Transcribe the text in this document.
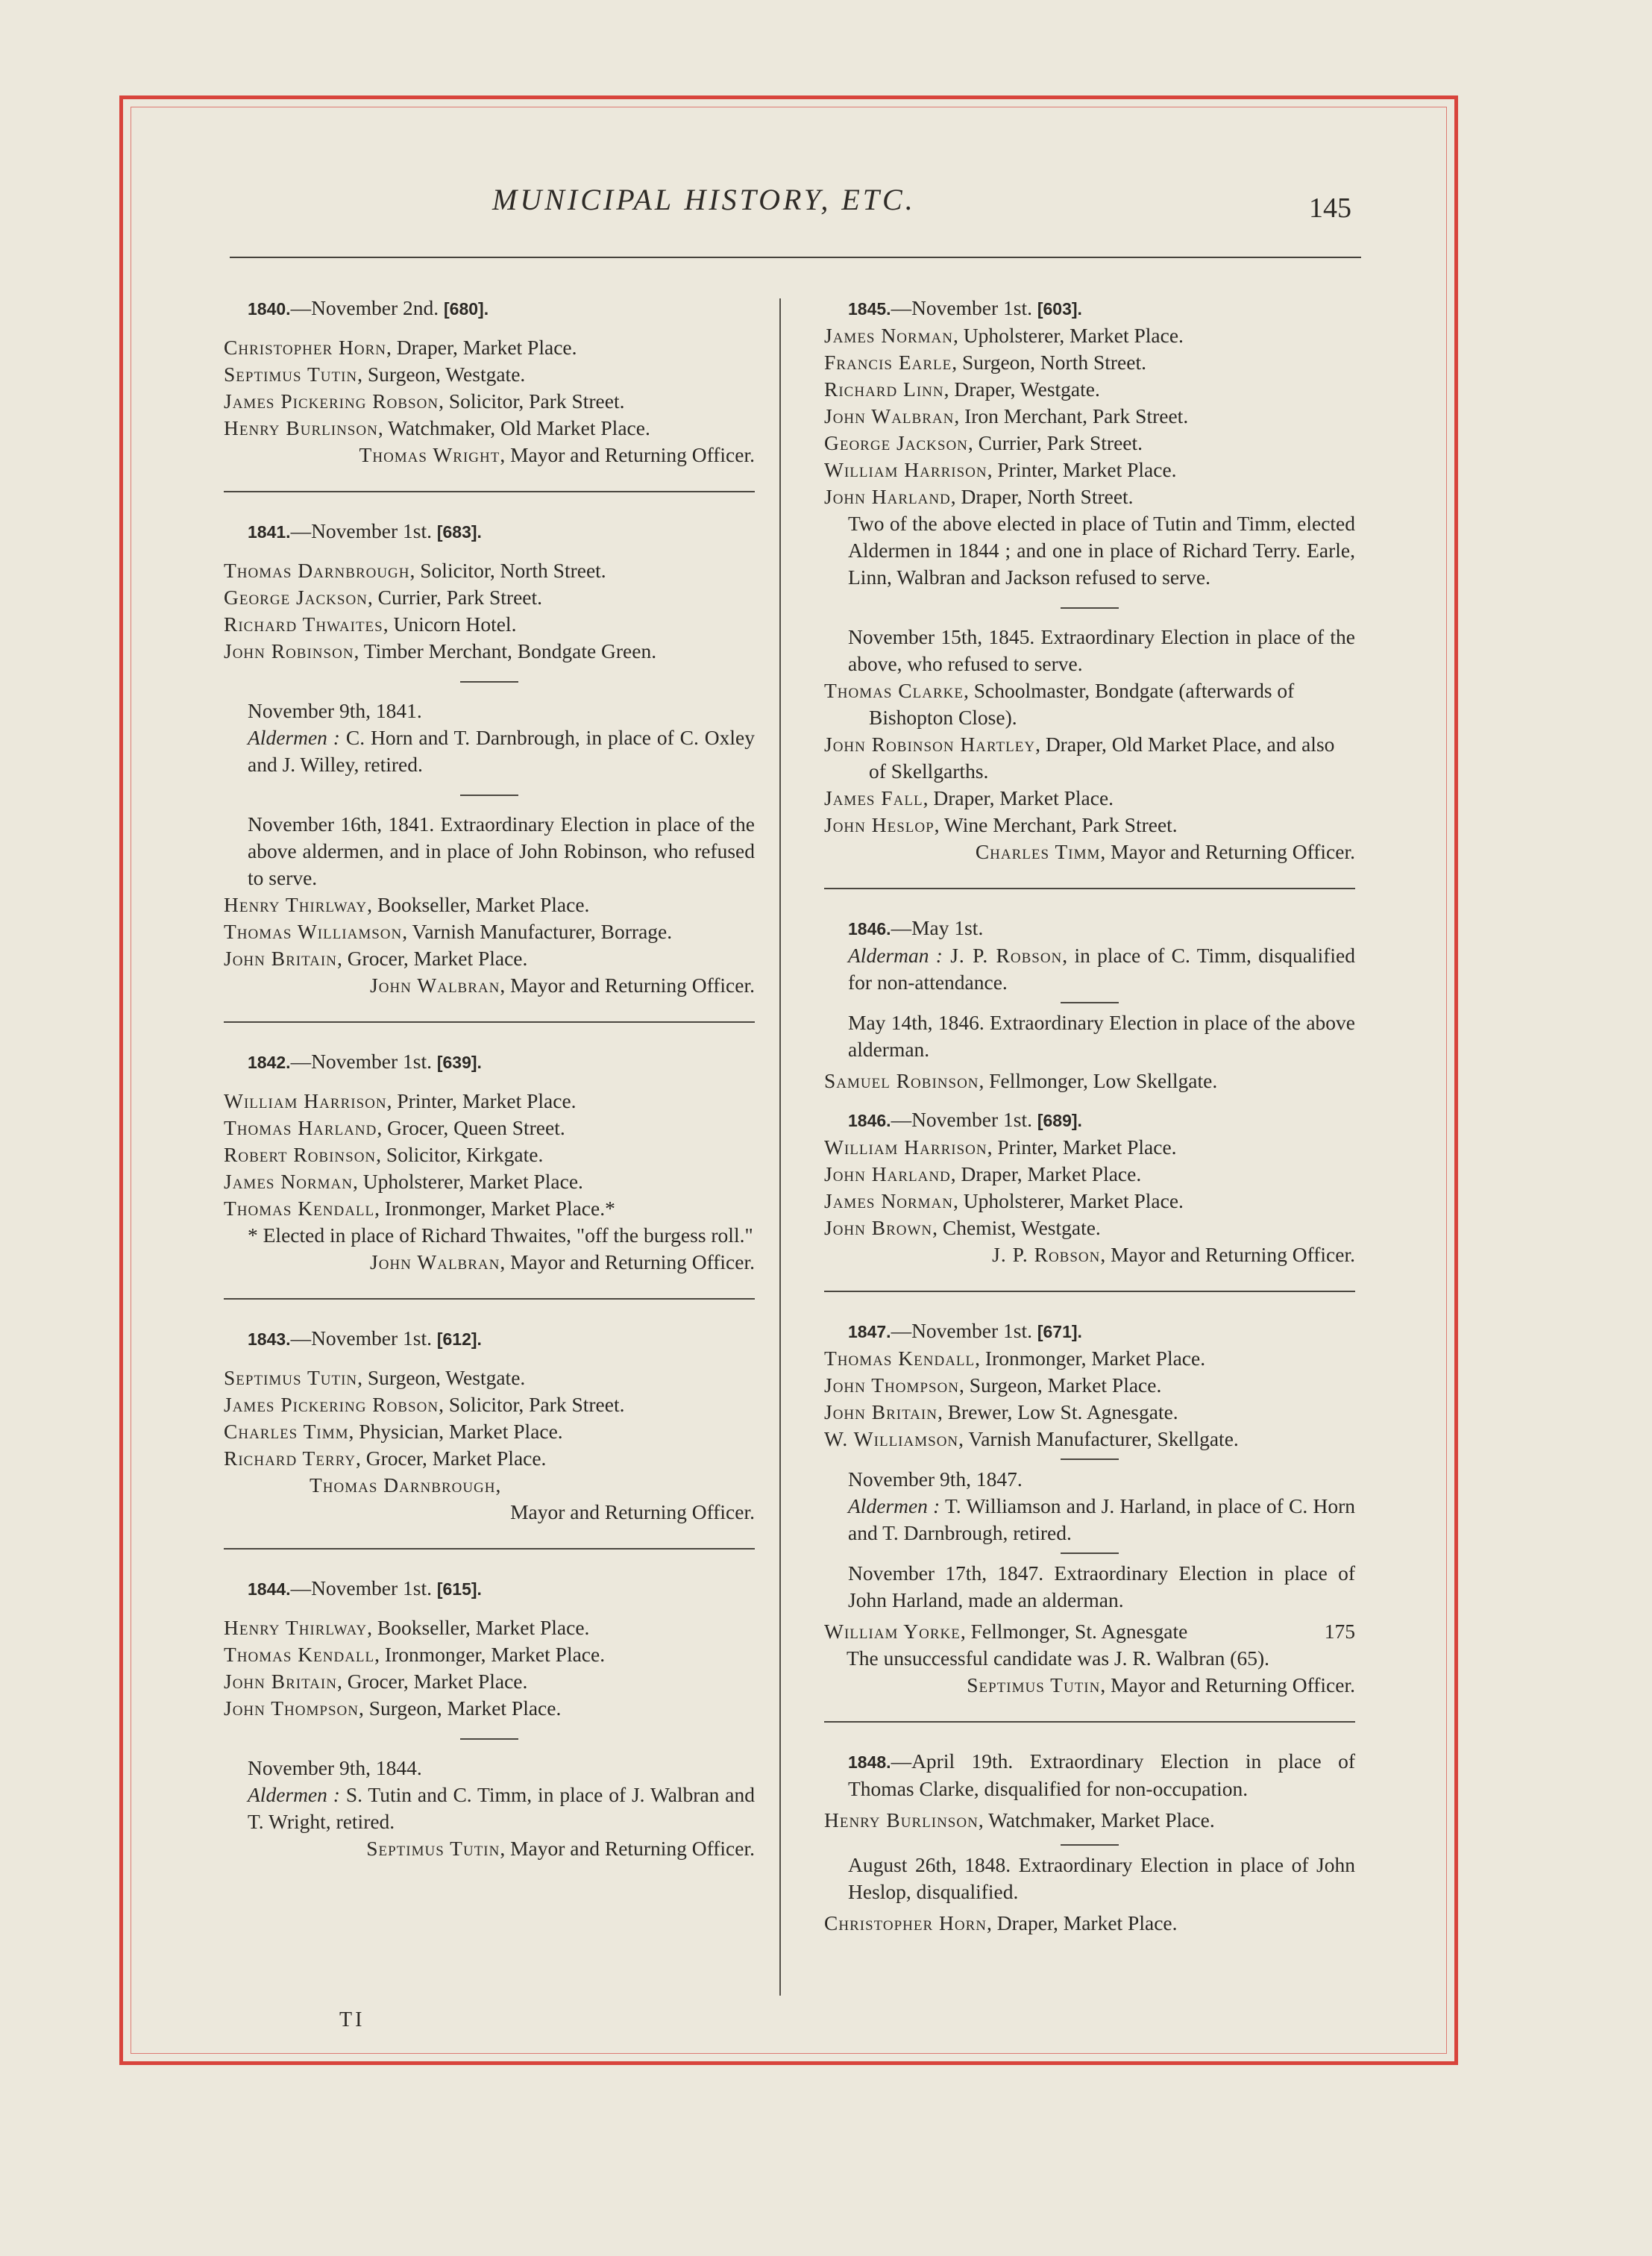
MUNICIPAL HISTORY, ETC.	145

1840.—November 2nd. [680].

Christopher Horn, Draper, Market Place.

Septimus Tutin, Surgeon, Westgate.

James Pickering Robson, Solicitor, Park Street.

Henry Burlinson, Watchmaker, Old Market Place.

Thomas Wright, Mayor and Returning Officer.

1841.—November 1st. [683].

Thomas Darnbrough, Solicitor, North Street.

George Jackson, Currier, Park Street.

Richard Thwaites, Unicorn Hotel.

John Robinson, Timber Merchant, Bondgate Green.

November 9th, 1841.

Aldermen : C. Horn and T. Darnbrough, in place of C. Oxley and J. Willey, retired.

November 16th, 1841. Extraordinary Election in place of the above aldermen, and in place of John Robinson, who refused to serve.

Henry Thirlway, Bookseller, Market Place.

Thomas Williamson, Varnish Manufacturer, Borrage.

John Britain, Grocer, Market Place.

John Walbran, Mayor and Returning Officer.

1842.—November 1st. [639].

William Harrison, Printer, Market Place.

Thomas Harland, Grocer, Queen Street.

Robert Robinson, Solicitor, Kirkgate.

James Norman, Upholsterer, Market Place.

Thomas Kendall, Ironmonger, Market Place.*

* Elected in place of Richard Thwaites, "off the burgess roll."

John Walbran, Mayor and Returning Officer.

1843.—November 1st. [612].

Septimus Tutin, Surgeon, Westgate.

James Pickering Robson, Solicitor, Park Street.

Charles Timm, Physician, Market Place.

Richard Terry, Grocer, Market Place.

Thomas Darnbrough,

Mayor and Returning Officer.

1844.—November 1st. [615].

Henry Thirlway, Bookseller, Market Place.

Thomas Kendall, Ironmonger, Market Place.

John Britain, Grocer, Market Place.

John Thompson, Surgeon, Market Place.

November 9th, 1844.

Aldermen : S. Tutin and C. Timm, in place of J. Walbran and T. Wright, retired.

Septimus Tutin, Mayor and Returning Officer.

1845.—November 1st. [603].

James Norman, Upholsterer, Market Place.

Francis Earle, Surgeon, North Street.

Richard Linn, Draper, Westgate.

John Walbran, Iron Merchant, Park Street.

George Jackson, Currier, Park Street.

William Harrison, Printer, Market Place.

John Harland, Draper, North Street.

Two of the above elected in place of Tutin and Timm, elected Aldermen in 1844 ; and one in place of Richard Terry. Earle, Linn, Walbran and Jackson refused to serve.

November 15th, 1845. Extraordinary Election in place of the above, who refused to serve.

Thomas Clarke, Schoolmaster, Bondgate (afterwards of Bishopton Close).

John Robinson Hartley, Draper, Old Market Place, and also of Skellgarths.

James Fall, Draper, Market Place.

John Heslop, Wine Merchant, Park Street.

Charles Timm, Mayor and Returning Officer.

1846.—May 1st.

Alderman : J. P. Robson, in place of C. Timm, disqualified for non-attendance.

May 14th, 1846. Extraordinary Election in place of the above alderman.

Samuel Robinson, Fellmonger, Low Skellgate.

1846.—November 1st. [689].

William Harrison, Printer, Market Place.

John Harland, Draper, Market Place.

James Norman, Upholsterer, Market Place.

John Brown, Chemist, Westgate.

J. P. Robson, Mayor and Returning Officer.

1847.—November 1st. [671].

Thomas Kendall, Ironmonger, Market Place.

John Thompson, Surgeon, Market Place.

John Britain, Brewer, Low St. Agnesgate.

W. Williamson, Varnish Manufacturer, Skellgate.

November 9th, 1847.

Aldermen : T. Williamson and J. Harland, in place of C. Horn and T. Darnbrough, retired.

November 17th, 1847. Extraordinary Election in place of John Harland, made an alderman.

William Yorke, Fellmonger, St. Agnesgate	175

The unsuccessful candidate was J. R. Walbran (65).

Septimus Tutin, Mayor and Returning Officer.

1848.—April 19th. Extraordinary Election in place of Thomas Clarke, disqualified for non-occupation.

Henry Burlinson, Watchmaker, Market Place.

August 26th, 1848. Extraordinary Election in place of John Heslop, disqualified.

Christopher Horn, Draper, Market Place.

TI
